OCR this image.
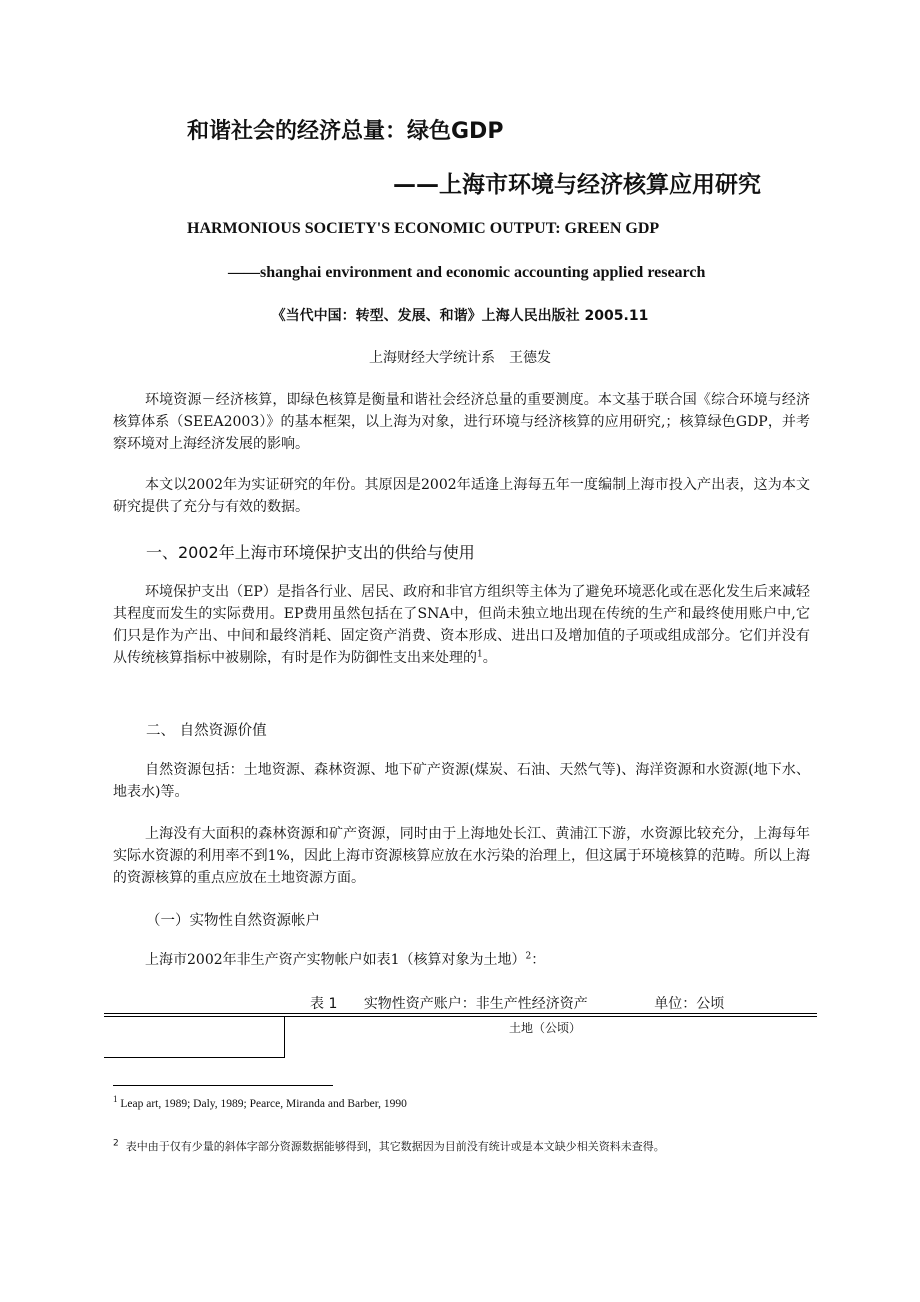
和谐社会的经济总量：绿色GDP
——上海市环境与经济核算应用研究
HARMONIOUS SOCIETY'S ECONOMIC OUTPUT: GREEN GDP
——shanghai environment and economic accounting applied research
《当代中国：转型、发展、和谐》上海人民出版社 2005.11
上海财经大学统计系　王德发
环境资源－经济核算，即绿色核算是衡量和谐社会经济总量的重要测度。本文基于联合国《综合环境与经济核算体系（SEEA2003）》的基本框架，以上海为对象，进行环境与经济核算的应用研究,；核算绿色GDP，并考察环境对上海经济发展的影响。
本文以2002年为实证研究的年份。其原因是2002年适逢上海每五年一度编制上海市投入产出表，这为本文研究提供了充分与有效的数据。
一、2002年上海市环境保护支出的供给与使用
环境保护支出（EP）是指各行业、居民、政府和非官方组织等主体为了避免环境恶化或在恶化发生后来减轻其程度而发生的实际费用。EP费用虽然包括在了SNA中，但尚未独立地出现在传统的生产和最终使用账户中,它们只是作为产出、中间和最终消耗、固定资产消费、资本形成、进出口及增加值的子项或组成部分。它们并没有从传统核算指标中被剔除，有时是作为防御性支出来处理的$^1$。
二、 自然资源价值
自然资源包括：土地资源、森林资源、地下矿产资源(煤炭、石油、天然气等)、海洋资源和水资源(地下水、地表水)等。
上海没有大面积的森林资源和矿产资源，同时由于上海地处长江、黄浦江下游，水资源比较充分，上海每年实际水资源的利用率不到1%，因此上海市资源核算应放在水污染的治理上，但这属于环境核算的范畴。所以上海的资源核算的重点应放在土地资源方面。
（一）实物性自然资源帐户
上海市2002年非生产资产实物帐户如表1（核算对象为土地）$^2$：
表 1 实物性资产账户：非生产性经济资产	单位：公顷
土地（公顷）
$^1$ Leap art, 1989; Daly, 1989; Pearce, Miranda and Barber, 1990
$^2$ 表中由于仅有少量的斜体字部分资源数据能够得到，其它数据因为目前没有统计或是本文缺少相关资料未查得。
